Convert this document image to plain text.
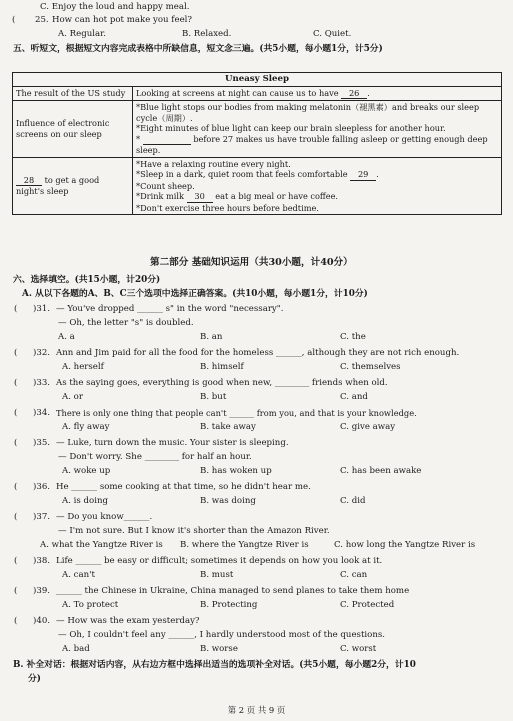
C. Enjoy the loud and happy meal.
( 25. How can hot pot make you feel?
A. Regular.	B. Relaxed.	C. Quiet.
五、听短文，根据短文内容完成表格中所缺信息，短文念三遍。(共5小题，每小题1分，计5分)
Uneasy Sleep	
The result of the US study	Looking at screens at night can cause us to have 26 .
Influence of electronic screens on our sleep	*Blue light stops our bodies from making melatonin（褪黑素）and breaks our sleep cycle（周期）.
*Eight minutes of blue light can keep our brain sleepless for another hour.
* before 27 makes us have trouble falling asleep or getting enough deep sleep.

28 to get a good night's sleep	*Have a relaxing routine every night.
*Sleep in a dark, quiet room that feels comfortable 29 .
*Count sheep.
*Drink milk 30 eat a big meal or have coffee.
*Don't exercise three hours before bedtime.
第二部分 基础知识运用（共30小题，计40分）
六、选择填空。(共15小题，计20分)
A. 从以下各题的A、B、C三个选项中选择正确答案。(共10小题，每小题1分，计10分)
( )31. — You've dropped ______ s" in the word "necessary".
— Oh, the letter "s" is doubled.
A. a	B. an	C. the
( )32. Ann and Jim paid for all the food for the homeless ______, although they are not rich enough.
A. herself	B. himself	C. themselves
( )33. As the saying goes, everything is good when new, ________ friends when old.
A. or	B. but	C. and
( )34. There is only one thing that people can't ______ from you, and that is your knowledge.
A. fly away	B. take away	C. give away
( )35. — Luke, turn down the music. Your sister is sleeping.
— Don't worry. She ________ for half an hour.
A. woke up	B. has woken up	C. has been awake
( )36. He ______ some cooking at that time, so he didn't hear me.
A. is doing	B. was doing	C. did
( )37. — Do you know______.
— I'm not sure. But I know it's shorter than the Amazon River.
A. what the Yangtze River is B. where the Yangtze River is	C. how long the Yangtze River is
( )38. Life ______ be easy or difficult; sometimes it depends on how you look at it.
A. can't	B. must	C. can
( )39. ______ the Chinese in Ukraine, China managed to send planes to take them home
A. To protect	B. Protecting	C. Protected
( )40. — How was the exam yesterday?
— Oh, I couldn't feel any ______, I hardly understood most of the questions.
A. bad	B. worse	C. worst
B. 补全对话：根据对话内容，从右边方框中选择出适当的选项补全对话。(共5小题，每小题2分，计10
分)
第 2 页 共 9 页
